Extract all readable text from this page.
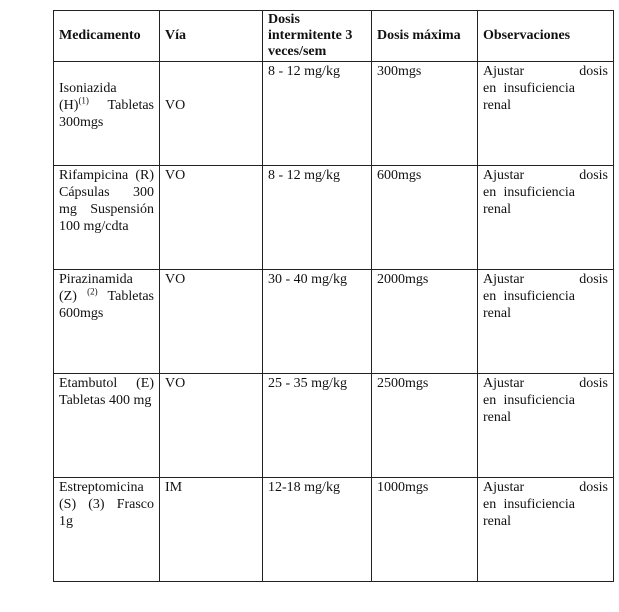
Medicamento	Vía	Dosis intermitente 3 veces/sem	Dosis máxima	Observaciones

Isoniazida
$(H)^{(1)}$ Tabletas 300mgs	VO	8 - 12 mg/kg	300mgs	Ajustar dosis
en insuficiencia renal

Rifampicina (R) Cápsulas 300 mg Suspensión 100 mg/cdta	VO	8 - 12 mg/kg	600mgs	Ajustar dosis
en insuficiencia renal

Pirazinamida (Z) $^{(2)}$ Tabletas 600mgs	VO	30 - 40 mg/kg	2000mgs	Ajustar dosis
en insuficiencia renal

Etambutol (E) Tabletas 400 mg	VO	25 - 35 mg/kg	2500mgs	Ajustar dosis
en insuficiencia renal

Estreptomicina (S) (3) Frasco 1g	IM	12-18 mg/kg	1000mgs	Ajustar dosis
en insuficiencia renal
